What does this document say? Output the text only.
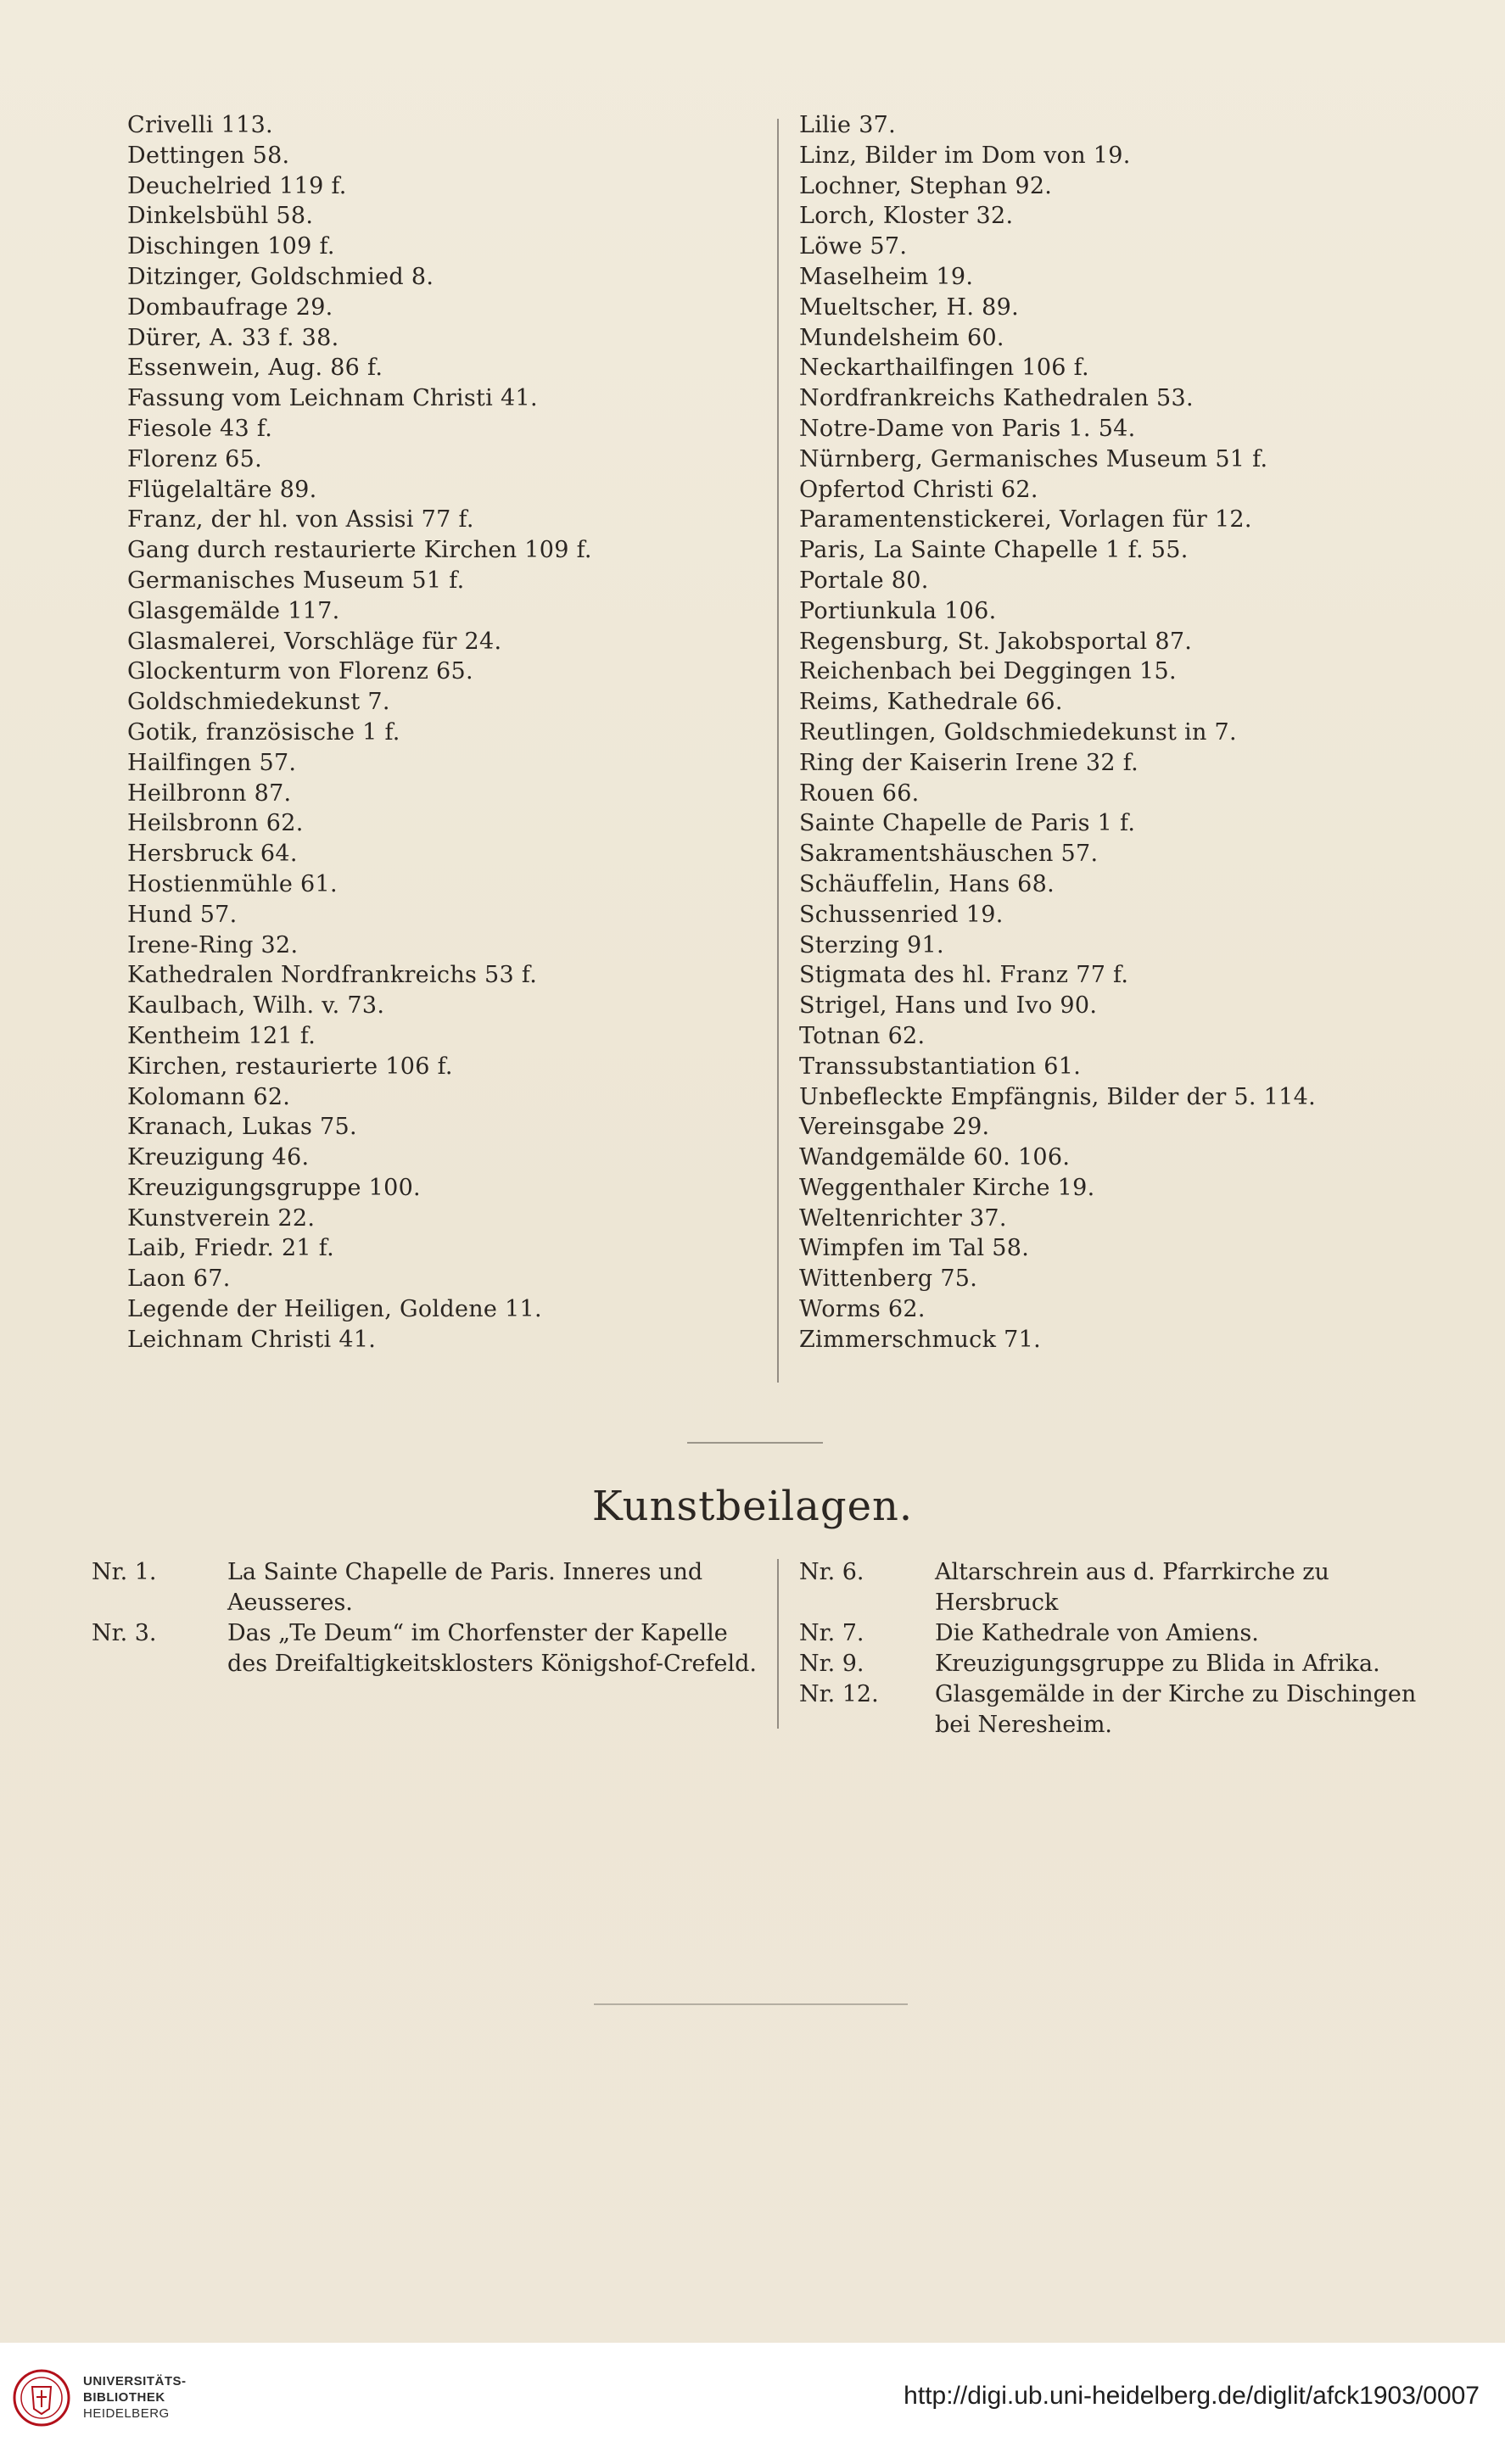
Crivelli 113.
Dettingen 58.
Deuchelried 119 f.
Dinkelsbühl 58.
Dischingen 109 f.
Ditzinger, Goldschmied 8.
Dombaufrage 29.
Dürer, A. 33 f. 38.
Essenwein, Aug. 86 f.
Fassung vom Leichnam Christi 41.
Fiesole 43 f.
Florenz 65.
Flügelaltäre 89.
Franz, der hl. von Assisi 77 f.
Gang durch restaurierte Kirchen 109 f.
Germanisches Museum 51 f.
Glasgemälde 117.
Glasmalerei, Vorschläge für 24.
Glockenturm von Florenz 65.
Goldschmiedekunst 7.
Gotik, französische 1 f.
Hailfingen 57.
Heilbronn 87.
Heilsbronn 62.
Hersbruck 64.
Hostienmühle 61.
Hund 57.
Irene-Ring 32.
Kathedralen Nordfrankreichs 53 f.
Kaulbach, Wilh. v. 73.
Kentheim 121 f.
Kirchen, restaurierte 106 f.
Kolomann 62.
Kranach, Lukas 75.
Kreuzigung 46.
Kreuzigungsgruppe 100.
Kunstverein 22.
Laib, Friedr. 21 f.
Laon 67.
Legende der Heiligen, Goldene 11.
Leichnam Christi 41.
Lilie 37.
Linz, Bilder im Dom von 19.
Lochner, Stephan 92.
Lorch, Kloster 32.
Löwe 57.
Maselheim 19.
Mueltscher, H. 89.
Mundelsheim 60.
Neckarthailfingen 106 f.
Nordfrankreichs Kathedralen 53.
Notre-Dame von Paris 1. 54.
Nürnberg, Germanisches Museum 51 f.
Opfertod Christi 62.
Paramentenstickerei, Vorlagen für 12.
Paris, La Sainte Chapelle 1 f. 55.
Portale 80.
Portiunkula 106.
Regensburg, St. Jakobsportal 87.
Reichenbach bei Deggingen 15.
Reims, Kathedrale 66.
Reutlingen, Goldschmiedekunst in 7.
Ring der Kaiserin Irene 32 f.
Rouen 66.
Sainte Chapelle de Paris 1 f.
Sakramentshäuschen 57.
Schäuffelin, Hans 68.
Schussenried 19.
Sterzing 91.
Stigmata des hl. Franz 77 f.
Strigel, Hans und Ivo 90.
Totnan 62.
Transsubstantiation 61.
Unbefleckte Empfängnis, Bilder der 5. 114.
Vereinsgabe 29.
Wandgemälde 60. 106.
Weggenthaler Kirche 19.
Weltenrichter 37.
Wimpfen im Tal 58.
Wittenberg 75.
Worms 62.
Zimmerschmuck 71.
Kunstbeilagen.
Nr. 1.	La Sainte Chapelle de Paris. Inneres und Aeusseres.
Nr. 3.	Das „Te Deum“ im Chorfenster der Kapelle des Dreifaltigkeitsklosters Königshof-Crefeld.
Nr. 6.	Altarschrein aus d. Pfarrkirche zu Hersbruck
Nr. 7.	Die Kathedrale von Amiens.
Nr. 9.	Kreuzigungsgruppe zu Blida in Afrika.
Nr. 12.	Glasgemälde in der Kirche zu Dischingen bei Neresheim.
UNIVERSITÄTS-
BIBLIOTHEK
HEIDELBERG
http://digi.ub.uni-heidelberg.de/diglit/afck1903/0007
